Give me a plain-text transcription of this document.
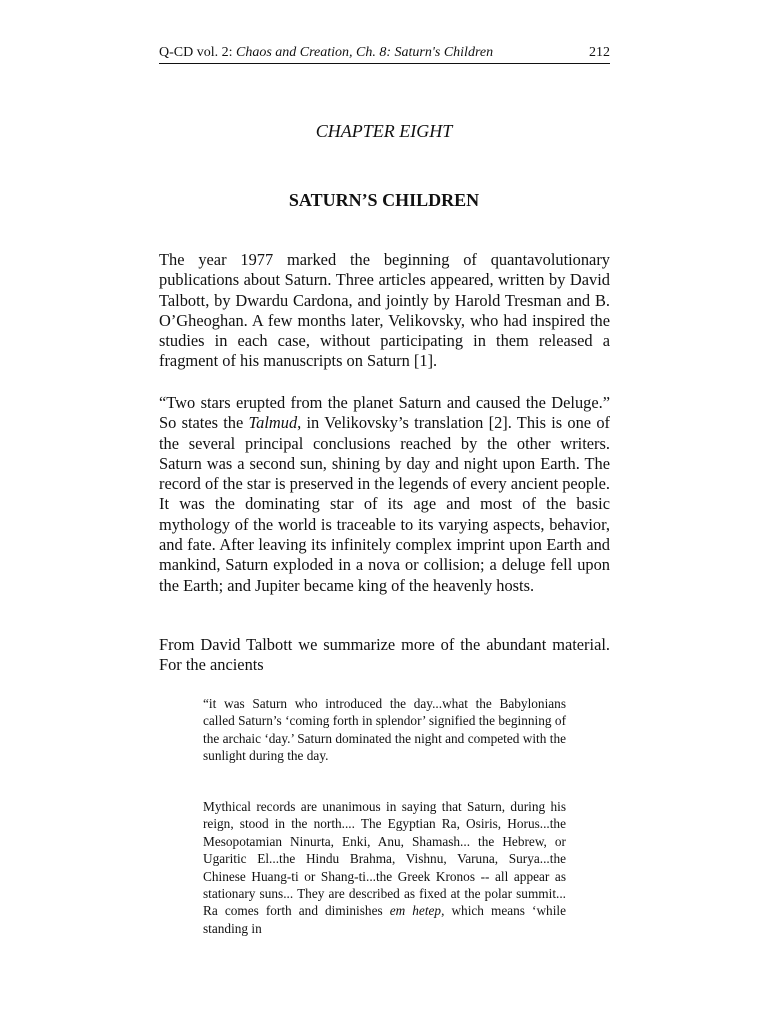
Q-CD vol. 2: Chaos and Creation, Ch. 8: Saturn's Children	212
CHAPTER EIGHT
SATURN’S CHILDREN

The year 1977 marked the beginning of quantavolutionary publications about Saturn. Three articles appeared, written by David Talbott, by Dwardu Cardona, and jointly by Harold Tresman and B. O’Gheoghan. A few months later, Velikovsky, who had inspired the studies in each case, without participating in them released a fragment of his manuscripts on Saturn [1].

“Two stars erupted from the planet Saturn and caused the Deluge.” So states the Talmud, in Velikovsky’s translation [2]. This is one of the several principal conclusions reached by the other writers. Saturn was a second sun, shining by day and night upon Earth. The record of the star is preserved in the legends of every ancient people. It was the dominating star of its age and most of the basic mythology of the world is traceable to its varying aspects, behavior, and fate. After leaving its infinitely complex imprint upon Earth and mankind, Saturn exploded in a nova or collision; a deluge fell upon the Earth; and Jupiter became king of the heavenly hosts.

From David Talbott we summarize more of the abundant material. For the ancients

“it was Saturn who introduced the day...what the Babylonians called Saturn’s ‘coming forth in splendor’ signified the beginning of the archaic ‘day.’ Saturn dominated the night and competed with the sunlight during the day.

Mythical records are unanimous in saying that Saturn, during his reign, stood in the north.... The Egyptian Ra, Osiris, Horus...the Mesopotamian Ninurta, Enki, Anu, Shamash... the Hebrew, or Ugaritic El...the Hindu Brahma, Vishnu, Varuna, Surya...the Chinese Huang-ti or Shang-ti...the Greek Kronos -- all appear as stationary suns... They are described as fixed at the polar summit... Ra comes forth and diminishes em hetep, which means ‘while standing in
